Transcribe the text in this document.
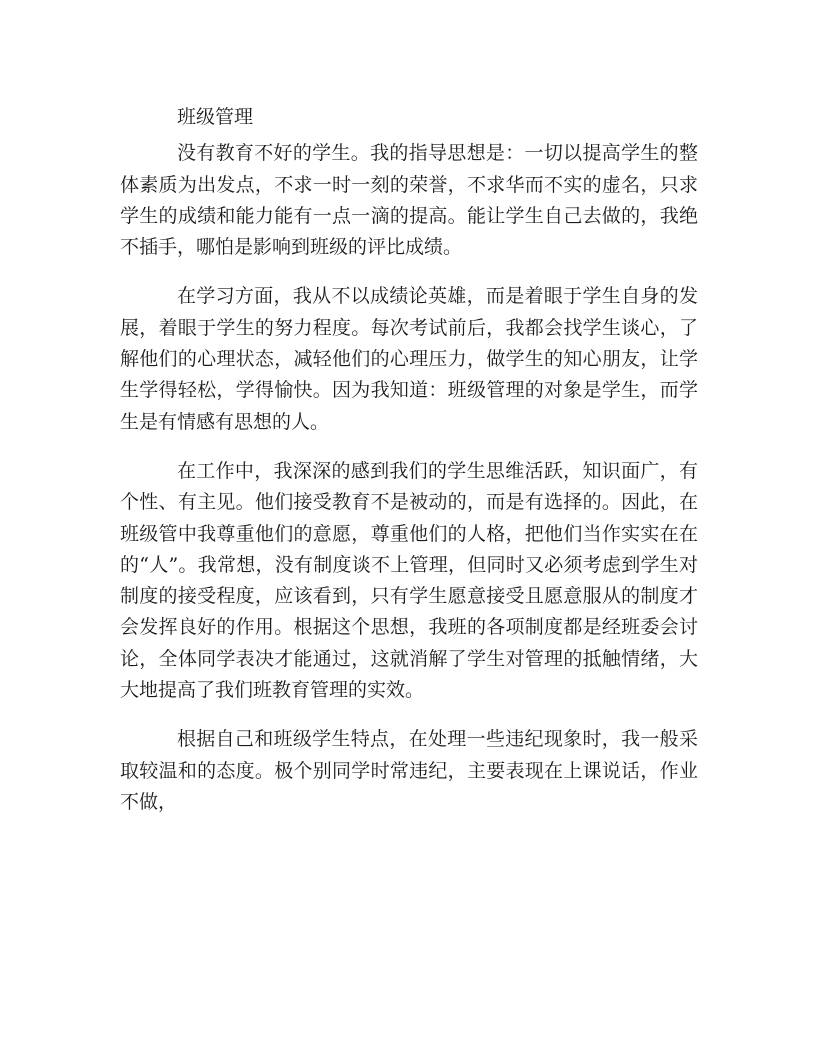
班级管理

没有教育不好的学生。我的指导思想是：一切以提高学生的整体素质为出发点，不求一时一刻的荣誉，不求华而不实的虚名，只求学生的成绩和能力能有一点一滴的提高。能让学生自己去做的，我绝不插手，哪怕是影响到班级的评比成绩。

在学习方面，我从不以成绩论英雄，而是着眼于学生自身的发展，着眼于学生的努力程度。每次考试前后，我都会找学生谈心，了解他们的心理状态，减轻他们的心理压力，做学生的知心朋友，让学生学得轻松，学得愉快。因为我知道：班级管理的对象是学生，而学生是有情感有思想的人。

在工作中，我深深的感到我们的学生思维活跃，知识面广，有个性、有主见。他们接受教育不是被动的，而是有选择的。因此，在班级管中我尊重他们的意愿，尊重他们的人格，把他们当作实实在在的“人”。我常想，没有制度谈不上管理，但同时又必须考虑到学生对制度的接受程度，应该看到，只有学生愿意接受且愿意服从的制度才会发挥良好的作用。根据这个思想，我班的各项制度都是经班委会讨论，全体同学表决才能通过，这就消解了学生对管理的抵触情绪，大大地提高了我们班教育管理的实效。

根据自己和班级学生特点，在处理一些违纪现象时，我一般采取较温和的态度。极个别同学时常违纪，主要表现在上课说话，作业不做，
